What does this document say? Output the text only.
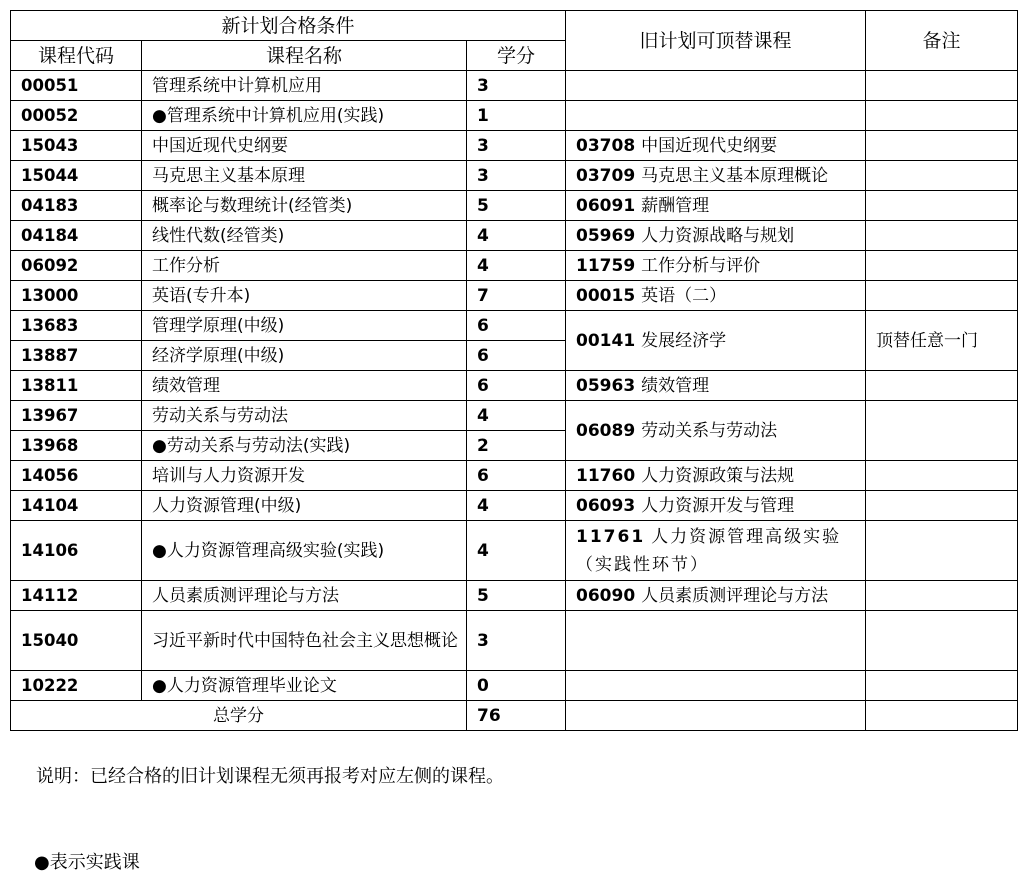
新计划合格条件			旧计划可顶替课程	备注
课程代码	课程名称	学分		
00051	管理系统中计算机应用	3		
00052	●管理系统中计算机应用(实践)	1		
15043	中国近现代史纲要	3	03708 中国近现代史纲要	
15044	马克思主义基本原理	3	03709 马克思主义基本原理概论	
04183	概率论与数理统计(经管类)	5	06091 薪酬管理	
04184	线性代数(经管类)	4	05969 人力资源战略与规划	
06092	工作分析	4	11759 工作分析与评价	
13000	英语(专升本)	7	00015 英语（二）	
13683	管理学原理(中级)	6	00141 发展经济学	顶替任意一门
13887	经济学原理(中级)	6		
13811	绩效管理	6	05963 绩效管理	
13967	劳动关系与劳动法	4	06089 劳动关系与劳动法	
13968	●劳动关系与劳动法(实践)	2		
14056	培训与人力资源开发	6	11760 人力资源政策与法规	
14104	人力资源管理(中级)	4	06093 人力资源开发与管理	
14106	●人力资源管理高级实验(实践)	4	11761 人力资源管理高级实验（实践性环节）	
14112	人员素质测评理论与方法	5	06090 人员素质测评理论与方法	
15040	习近平新时代中国特色社会主义思想概论	3		
10222	●人力资源管理毕业论文	0		
总学分		76		
说明：已经合格的旧计划课程无须再报考对应左侧的课程。
●表示实践课
